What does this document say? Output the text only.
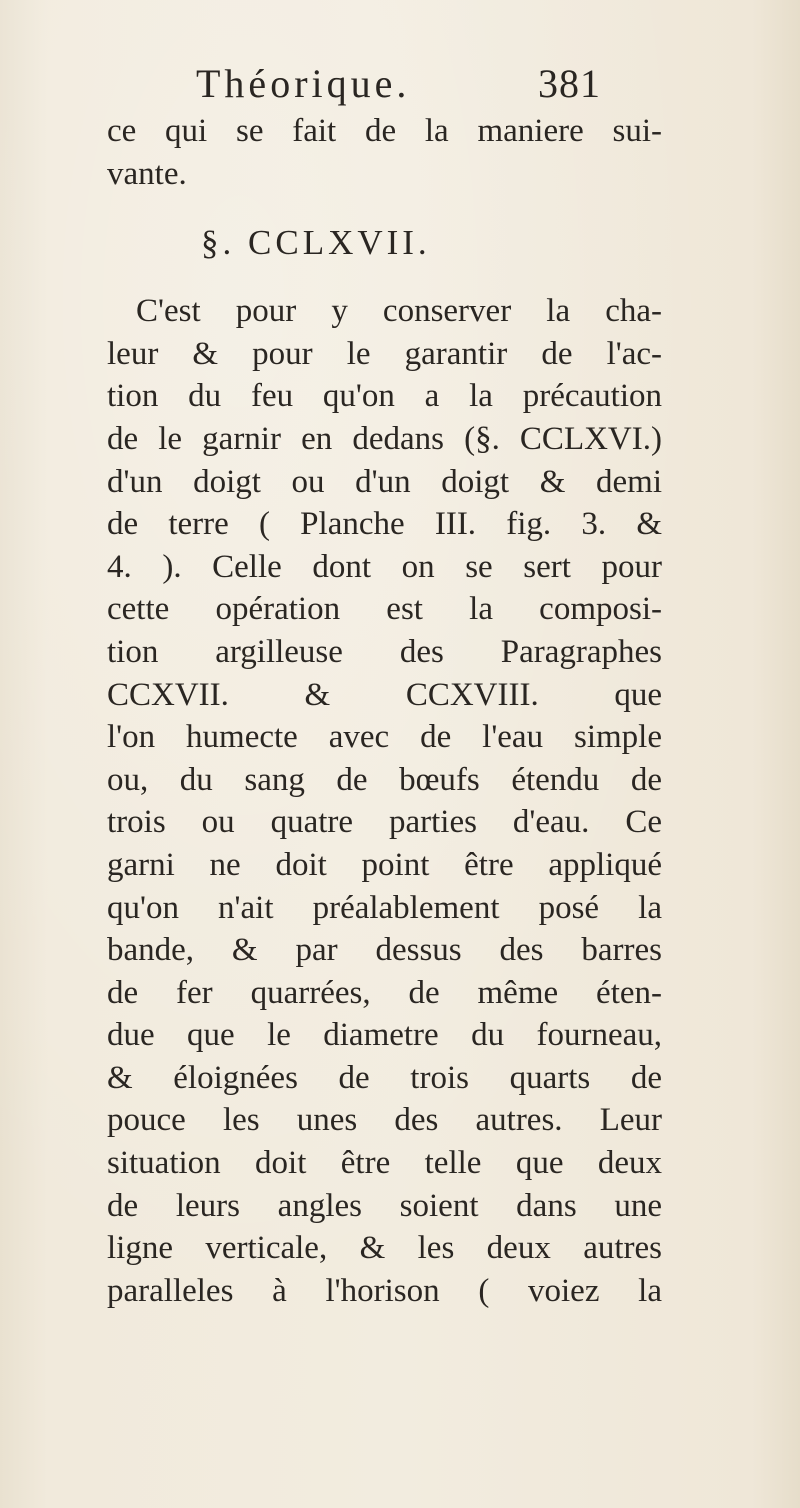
Théorique.	381
ce qui se fait de la maniere sui-
vante.
§. CCLXVII.
C'est pour y conserver la cha-
leur & pour le garantir de l'ac-
tion du feu qu'on a la précaution
de le garnir en dedans (§. CCLXVI.)
d'un doigt ou d'un doigt & demi
de terre ( Planche III. fig. 3. &
4. ). Celle dont on se sert pour
cette opération est la composi-
tion argilleuse des Paragraphes
CCXVII. & CCXVIII. que
l'on humecte avec de l'eau simple
ou, du sang de bœufs étendu de
trois ou quatre parties d'eau. Ce
garni ne doit point être appliqué
qu'on n'ait préalablement posé la
bande, & par dessus des barres
de fer quarrées, de même éten-
due que le diametre du fourneau,
& éloignées de trois quarts de
pouce les unes des autres. Leur
situation doit être telle que deux
de leurs angles soient dans une
ligne verticale, & les deux autres
paralleles à l'horison ( voiez la
